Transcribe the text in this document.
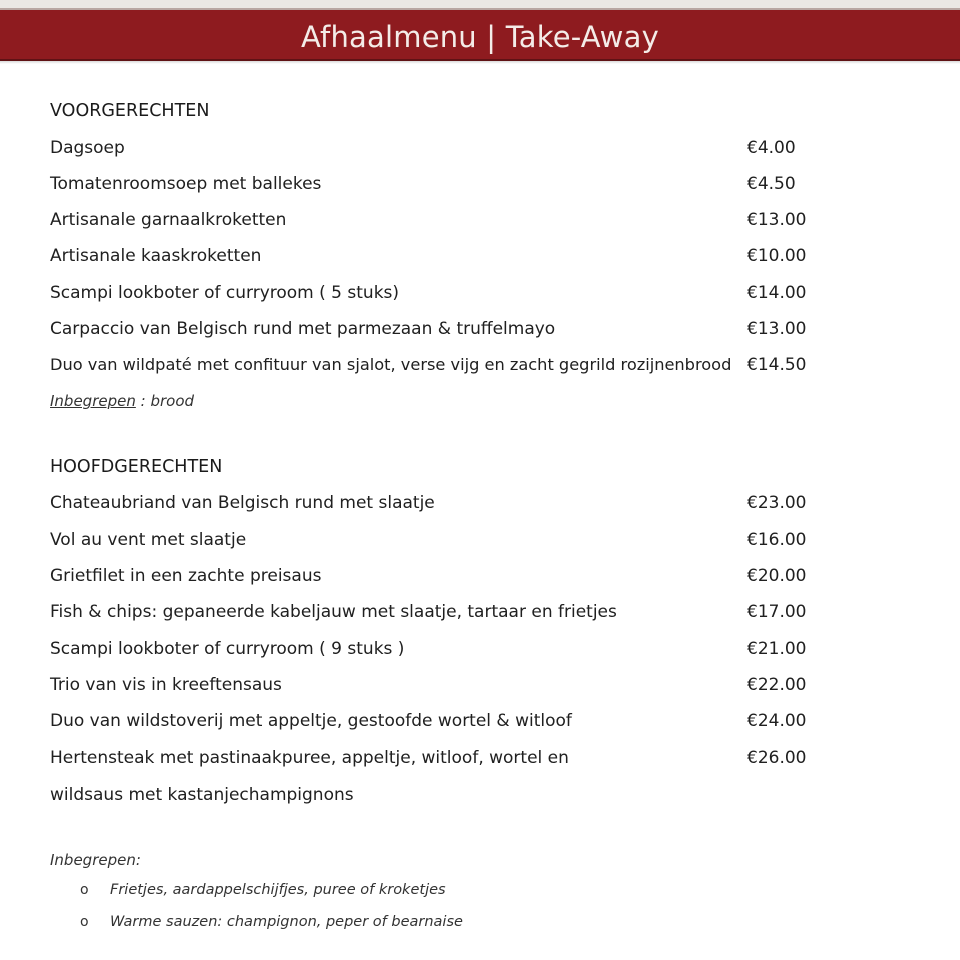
Afhaalmenu | Take-Away
VOORGERECHTEN
Dagsoep	€4.00
Tomatenroomsoep met ballekes	€4.50
Artisanale garnaalkroketten	€13.00
Artisanale kaaskroketten	€10.00
Scampi lookboter of curryroom ( 5 stuks)	€14.00
Carpaccio van Belgisch rund met parmezaan & truffelmayo	€13.00
Duo van wildpaté met confituur van sjalot, verse vijg en zacht gegrild rozijnenbrood €14.50
Inbegrepen : brood
HOOFDGERECHTEN
Chateaubriand van Belgisch rund met slaatje	€23.00
Vol au vent met slaatje	€16.00
Grietfilet in een zachte preisaus	€20.00
Fish & chips: gepaneerde kabeljauw met slaatje, tartaar en frietjes	€17.00
Scampi lookboter of curryroom ( 9 stuks )	€21.00
Trio van vis in kreeftensaus	€22.00
Duo van wildstoverij met appeltje, gestoofde wortel & witloof	€24.00
Hertensteak met pastinaakpuree, appeltje, witloof, wortel en	€26.00
wildsaus met kastanjechampignons
Inbegrepen:
o Frietjes, aardappelschijfjes, puree of kroketjes
o Warme sauzen: champignon, peper of bearnaise
